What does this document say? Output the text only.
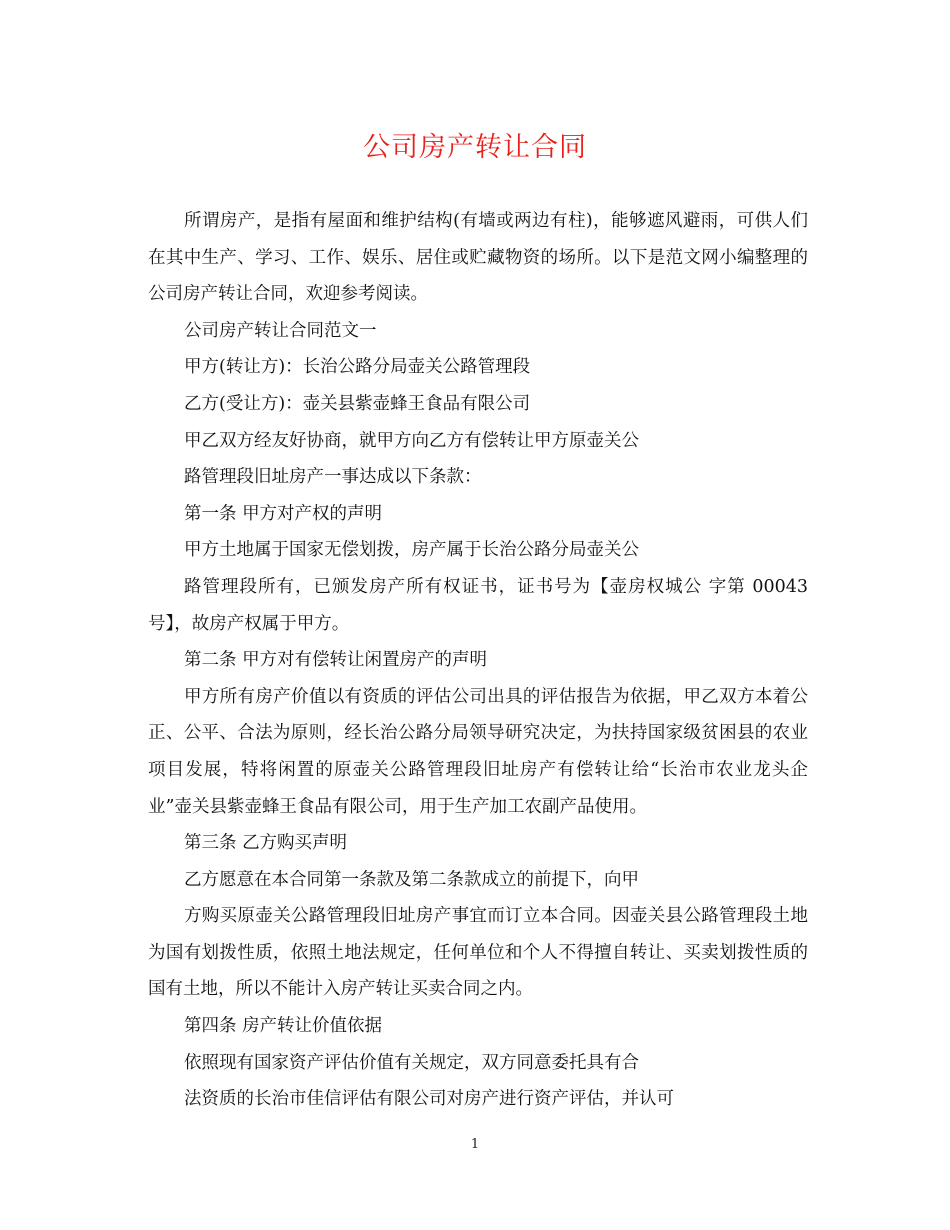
公司房产转让合同

所谓房产，是指有屋面和维护结构(有墙或两边有柱)，能够遮风避雨，可供人们在其中生产、学习、工作、娱乐、居住或贮藏物资的场所。以下是范文网小编整理的公司房产转让合同，欢迎参考阅读。

公司房产转让合同范文一

甲方(转让方)：长治公路分局壶关公路管理段

乙方(受让方)：壶关县紫壶蜂王食品有限公司

甲乙双方经友好协商，就甲方向乙方有偿转让甲方原壶关公

路管理段旧址房产一事达成以下条款：

第一条 甲方对产权的声明

甲方土地属于国家无偿划拨，房产属于长治公路分局壶关公

路管理段所有，已颁发房产所有权证书，证书号为【壶房权城公 字第 00043 号】，故房产权属于甲方。

第二条 甲方对有偿转让闲置房产的声明

甲方所有房产价值以有资质的评估公司出具的评估报告为依据，甲乙双方本着公正、公平、合法为原则，经长治公路分局领导研究决定，为扶持国家级贫困县的农业项目发展，特将闲置的原壶关公路管理段旧址房产有偿转让给“长治市农业龙头企业”壶关县紫壶蜂王食品有限公司，用于生产加工农副产品使用。

第三条 乙方购买声明

乙方愿意在本合同第一条款及第二条款成立的前提下，向甲

方购买原壶关公路管理段旧址房产事宜而订立本合同。因壶关县公路管理段土地为国有划拨性质，依照土地法规定，任何单位和个人不得擅自转让、买卖划拨性质的国有土地，所以不能计入房产转让买卖合同之内。

第四条 房产转让价值依据

依照现有国家资产评估价值有关规定，双方同意委托具有合

法资质的长治市佳信评估有限公司对房产进行资产评估，并认可

1
